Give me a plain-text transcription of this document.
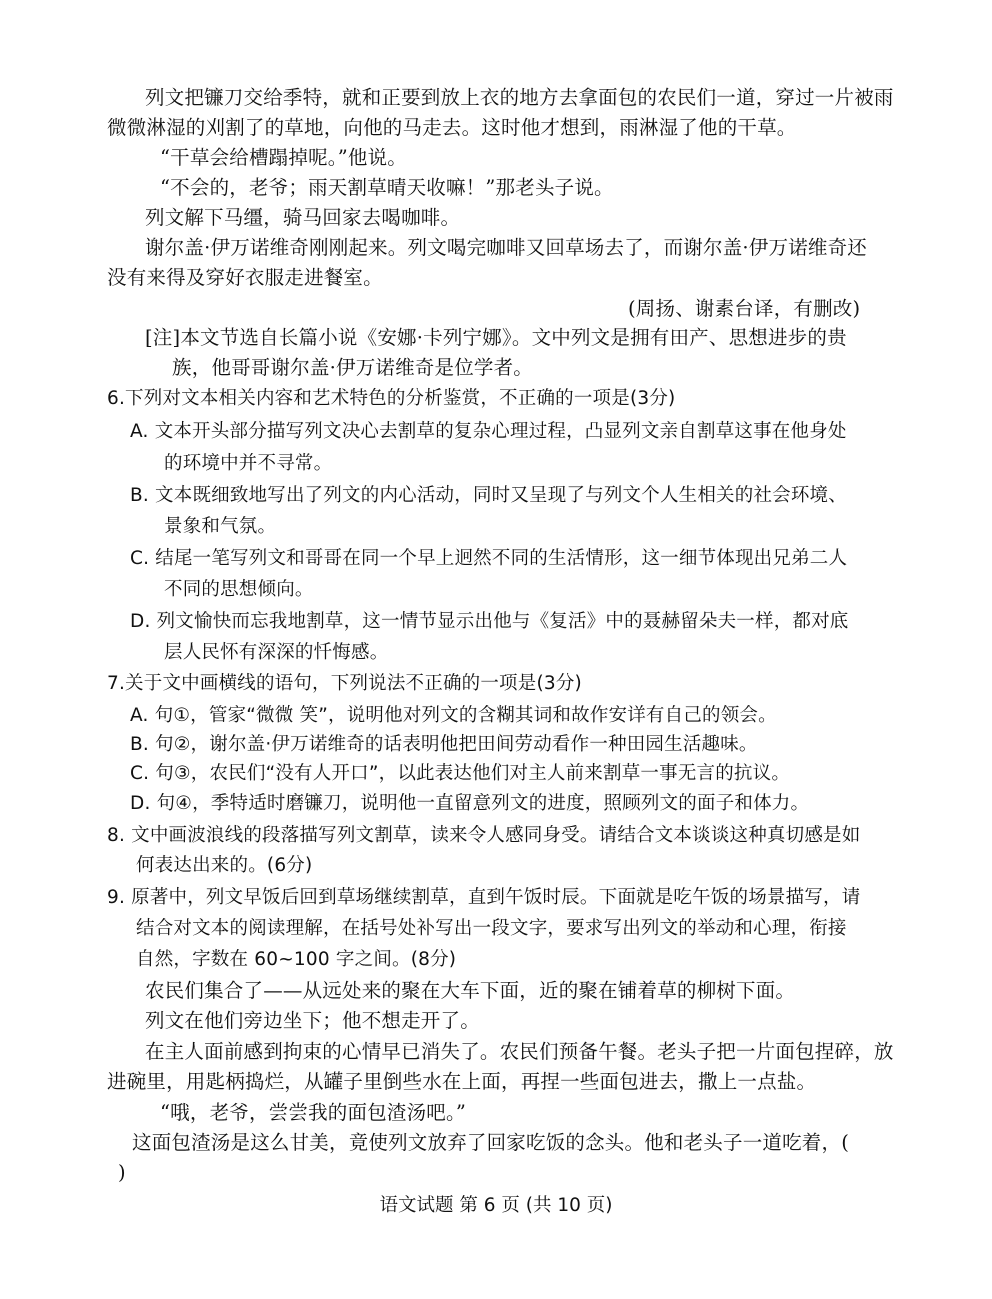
列文把镰刀交给季特，就和正要到放上衣的地方去拿面包的农民们一道，穿过一片被雨
微微淋湿的刈割了的草地，向他的马走去。这时他才想到，雨淋湿了他的干草。
“干草会给槽蹋掉呢。”他说。
“不会的，老爷；雨天割草晴天收嘛！”那老头子说。
列文解下马缰，骑马回家去喝咖啡。
谢尔盖·伊万诺维奇刚刚起来。列文喝完咖啡又回草场去了，而谢尔盖·伊万诺维奇还
没有来得及穿好衣服走进餐室。
(周扬、谢素台译，有删改)
[注]本文节选自长篇小说《安娜·卡列宁娜》。文中列文是拥有田产、思想进步的贵
族，他哥哥谢尔盖·伊万诺维奇是位学者。
6.下列对文本相关内容和艺术特色的分析鉴赏，不正确的一项是(3分)
A. 文本开头部分描写列文决心去割草的复杂心理过程，凸显列文亲自割草这事在他身处
的环境中并不寻常。
B. 文本既细致地写出了列文的内心活动，同时又呈现了与列文个人生相关的社会环境、
景象和气氛。
C. 结尾一笔写列文和哥哥在同一个早上迥然不同的生活情形，这一细节体现出兄弟二人
不同的思想倾向。
D. 列文愉快而忘我地割草，这一情节显示出他与《复活》中的聂赫留朵夫一样，都对底
层人民怀有深深的忏悔感。
7.关于文中画横线的语句，下列说法不正确的一项是(3分)
A. 句①，管家“微微 笑”，说明他对列文的含糊其词和故作安详有自己的领会。
B. 句②，谢尔盖·伊万诺维奇的话表明他把田间劳动看作一种田园生活趣味。
C. 句③，农民们“没有人开口”，以此表达他们对主人前来割草一事无言的抗议。
D. 句④，季特适时磨镰刀，说明他一直留意列文的进度，照顾列文的面子和体力。
8. 文中画波浪线的段落描写列文割草，读来令人感同身受。请结合文本谈谈这种真切感是如
何表达出来的。(6分)
9. 原著中，列文早饭后回到草场继续割草，直到午饭时辰。下面就是吃午饭的场景描写，请
结合对文本的阅读理解，在括号处补写出一段文字，要求写出列文的举动和心理，衔接
自然，字数在 60~100 字之间。(8分)
农民们集合了——从远处来的聚在大车下面，近的聚在铺着草的柳树下面。
列文在他们旁边坐下；他不想走开了。
在主人面前感到拘束的心情早已消失了。农民们预备午餐。老头子把一片面包捏碎，放
进碗里，用匙柄捣烂，从罐子里倒些水在上面，再捏一些面包进去，撒上一点盐。
“哦，老爷，尝尝我的面包渣汤吧。”
这面包渣汤是这么甘美，竟使列文放弃了回家吃饭的念头。他和老头子一道吃着，(
)
语文试题 第 6 页 (共 10 页)
